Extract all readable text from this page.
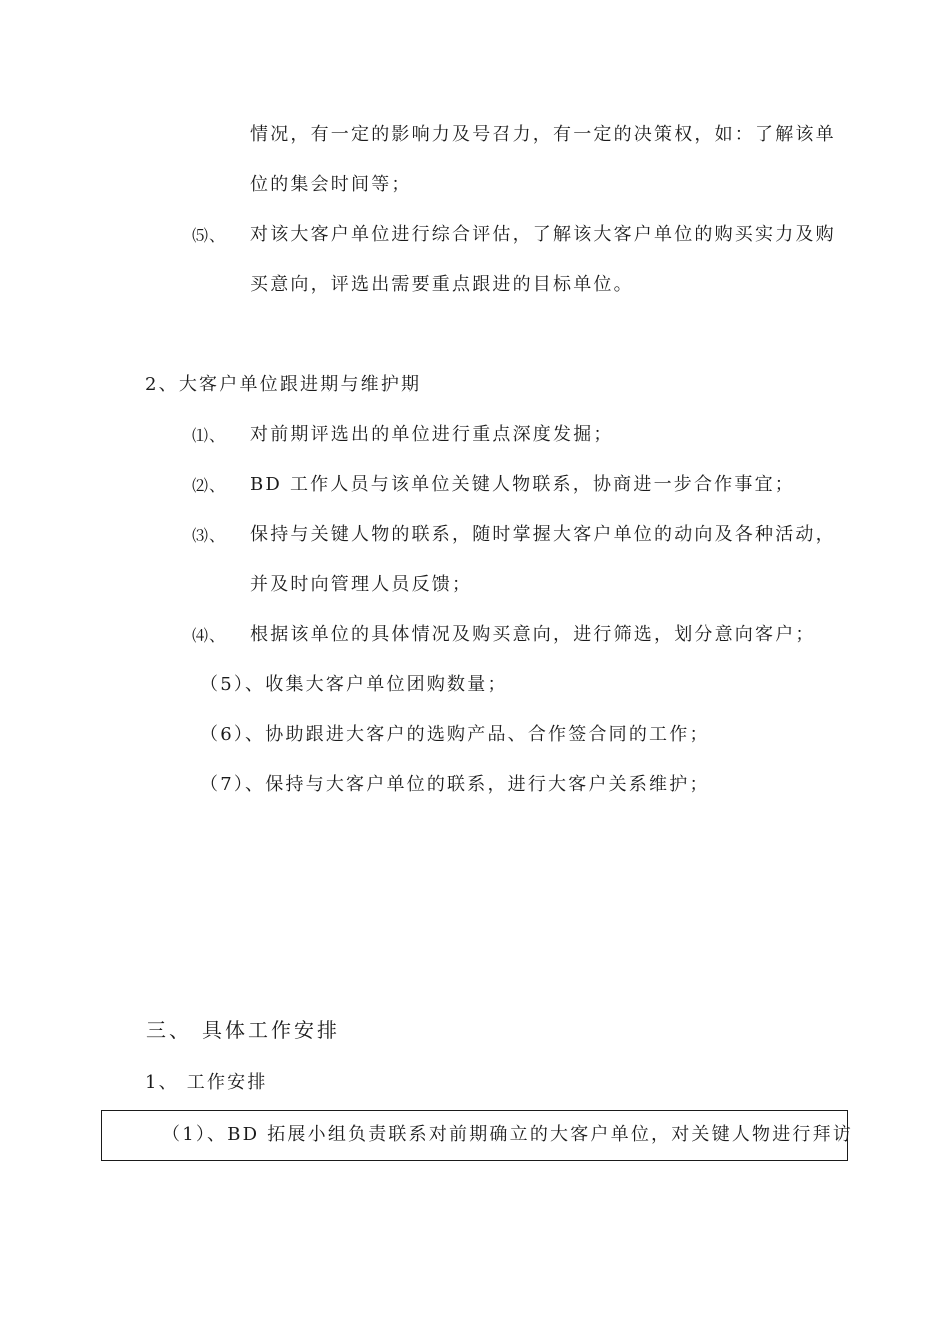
情况，有一定的影响力及号召力，有一定的决策权，如：了解该单
位的集会时间等；
⑸、 对该大客户单位进行综合评估，了解该大客户单位的购买实力及购
买意向，评选出需要重点跟进的目标单位。
2、大客户单位跟进期与维护期
⑴、 对前期评选出的单位进行重点深度发掘；
⑵、 BD 工作人员与该单位关键人物联系，协商进一步合作事宜；
⑶、 保持与关键人物的联系，随时掌握大客户单位的动向及各种活动，
并及时向管理人员反馈；
⑷、 根据该单位的具体情况及购买意向，进行筛选，划分意向客户；
（5）、收集大客户单位团购数量；
（6）、协助跟进大客户的选购产品、合作签合同的工作；
（7）、保持与大客户单位的联系，进行大客户关系维护；
三、 具体工作安排
1、 工作安排
（1）、BD 拓展小组负责联系对前期确立的大客户单位，对关键人物进行拜访
